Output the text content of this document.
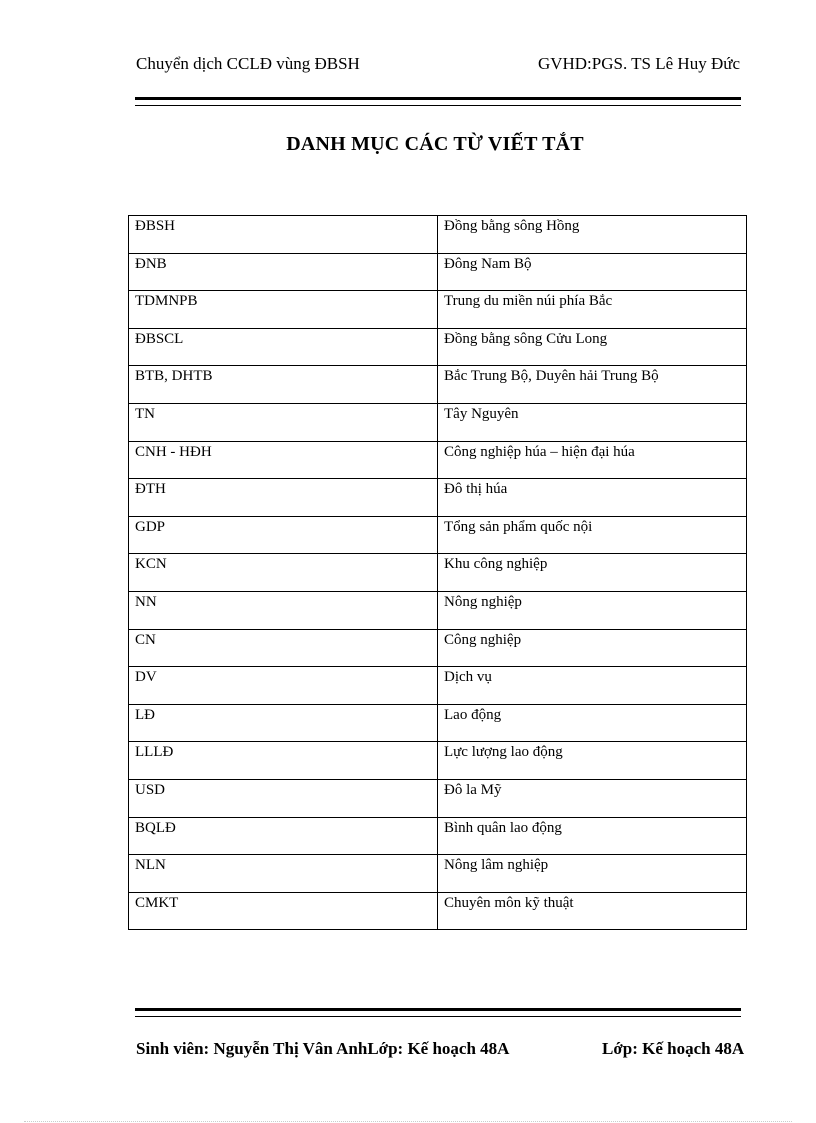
Chuyển dịch CCLĐ vùng ĐBSH	GVHD:PGS. TS Lê Huy Đức
DANH MỤC CÁC TỪ VIẾT TẮT
ĐBSH	Đồng bằng sông Hồng
ĐNB	Đông Nam Bộ
TDMNPB	Trung du miền núi phía Bắc
ĐBSCL	Đồng bằng sông Cửu Long
BTB, DHTB	Bắc Trung Bộ, Duyên hải Trung Bộ
TN	Tây Nguyên
CNH - HĐH	Công nghiệp húa – hiện đại húa
ĐTH	Đô thị húa
GDP	Tổng sản phẩm quốc nội
KCN	Khu công nghiệp
NN	Nông nghiệp
CN	Công nghiệp
DV	Dịch vụ
LĐ	Lao động
LLLĐ	Lực lượng lao động
USD	Đô la Mỹ
BQLĐ	Bình quân lao động
NLN	Nông lâm nghiệp
CMKT	Chuyên môn kỹ thuật
Sinh viên: Nguyễn Thị Vân AnhLớp: Kế hoạch 48A	Lớp: Kế hoạch 48A
